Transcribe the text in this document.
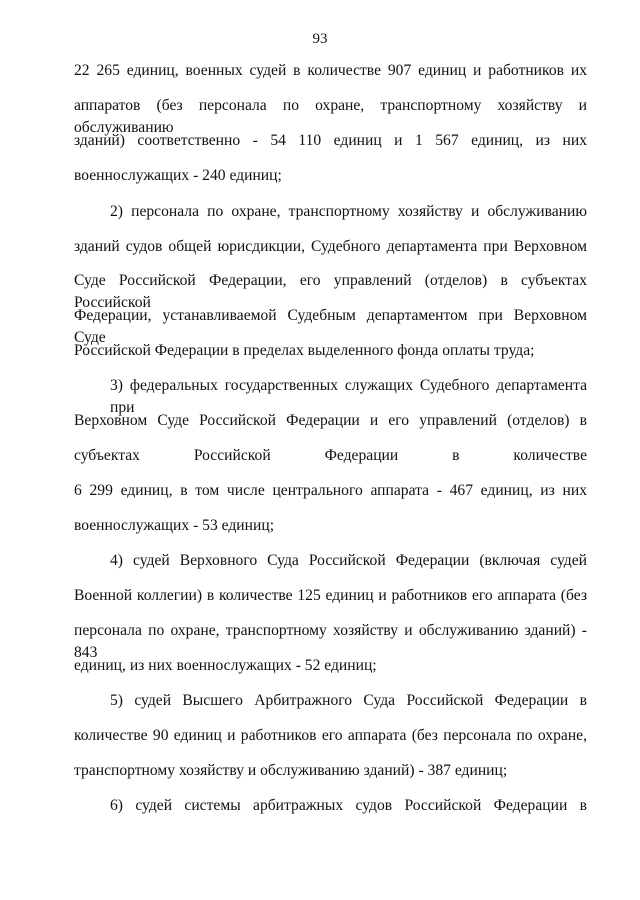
93
22 265 единиц, военных судей в количестве 907 единиц и работников их
аппаратов (без персонала по охране, транспортному хозяйству и обслуживанию
зданий) соответственно - 54 110 единиц и 1 567 единиц, из них
военнослужащих - 240 единиц;
2) персонала по охране, транспортному хозяйству и обслуживанию
зданий судов общей юрисдикции, Судебного департамента при Верховном
Суде Российской Федерации, его управлений (отделов) в субъектах Российской
Федерации, устанавливаемой Судебным департаментом при Верховном Суде
Российской Федерации в пределах выделенного фонда оплаты труда;
3) федеральных государственных служащих Судебного департамента при
Верховном Суде Российской Федерации и его управлений (отделов) в
субъектах Российской Федерации в количестве
6 299 единиц, в том числе центрального аппарата - 467 единиц, из них
военнослужащих - 53 единиц;
4) судей Верховного Суда Российской Федерации (включая судей
Военной коллегии) в количестве 125 единиц и работников его аппарата (без
персонала по охране, транспортному хозяйству и обслуживанию зданий) - 843
единиц, из них военнослужащих - 52 единиц;
5) судей Высшего Арбитражного Суда Российской Федерации в
количестве 90 единиц и работников его аппарата (без персонала по охране,
транспортному хозяйству и обслуживанию зданий) - 387 единиц;
6) судей системы арбитражных судов Российской Федерации в
